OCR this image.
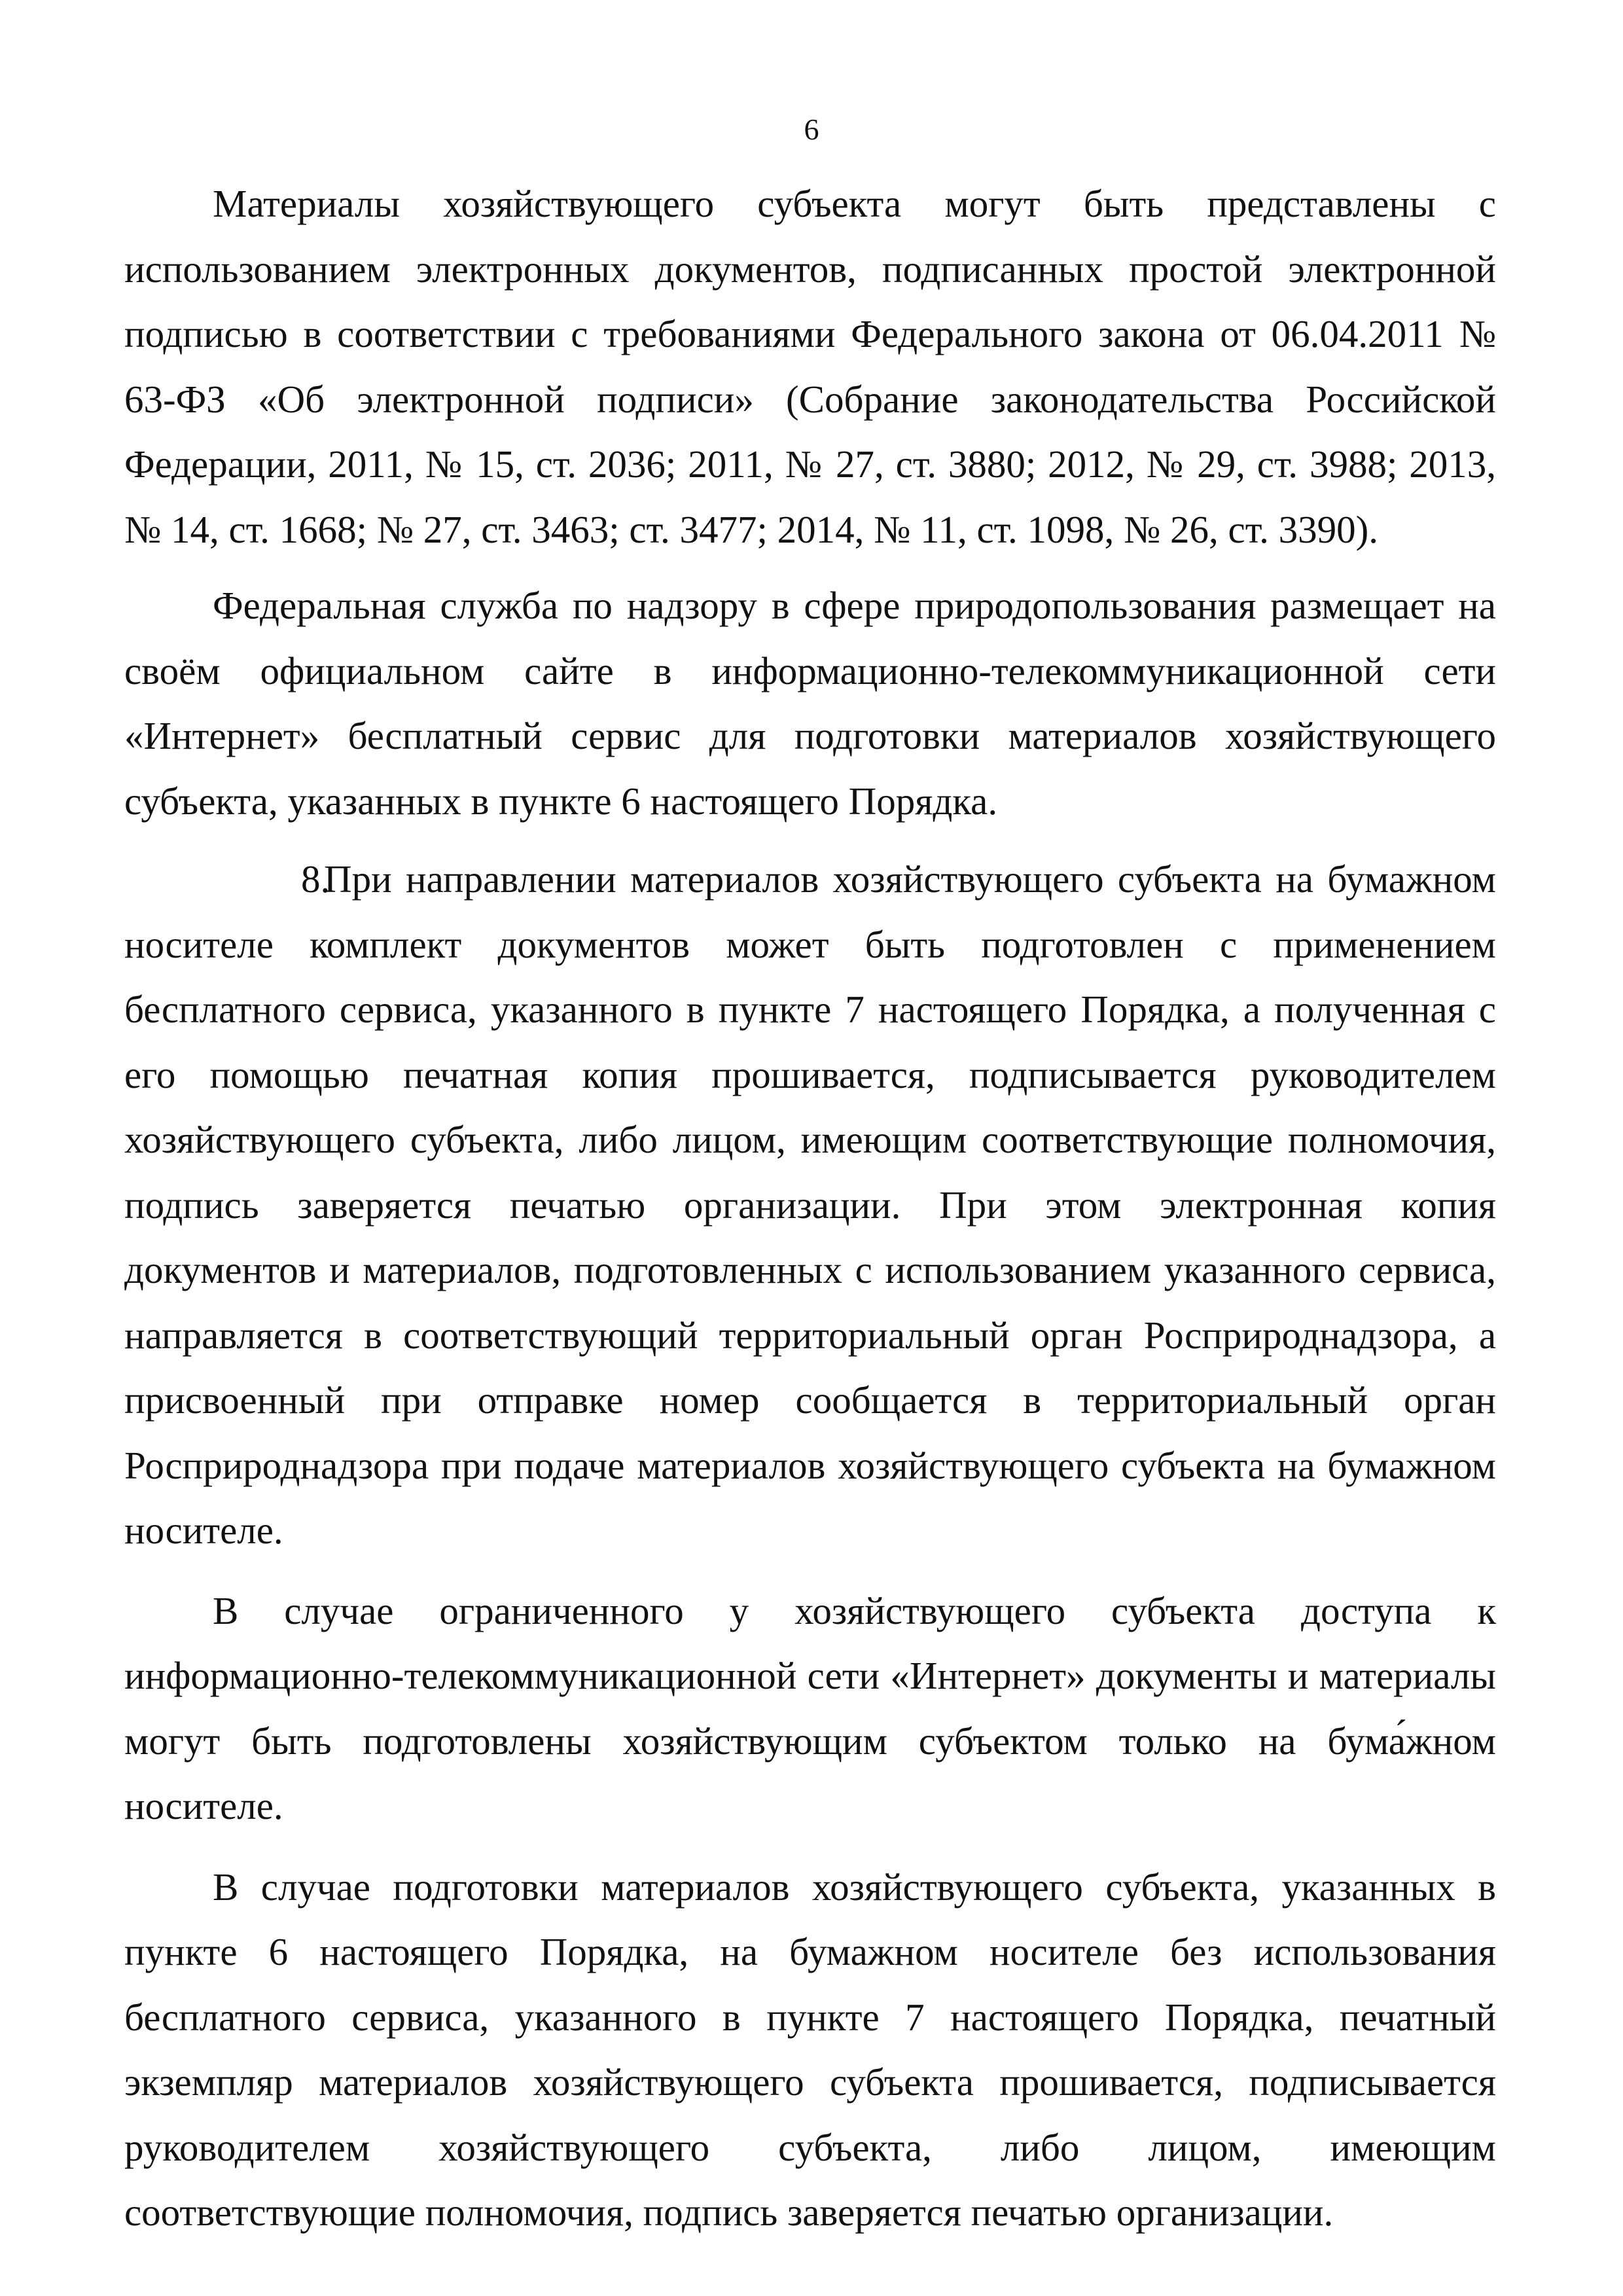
6

Материалы хозяйствующего субъекта могут быть представлены с использованием электронных документов, подписанных простой электронной подписью в соответствии с требованиями Федерального закона от 06.04.2011 № 63-ФЗ «Об электронной подписи» (Собрание законодательства Российской Федерации, 2011, № 15, ст. 2036; 2011, № 27, ст. 3880; 2012, № 29, ст. 3988; 2013, № 14, ст. 1668; № 27, ст. 3463; ст. 3477; 2014, № 11, ст. 1098, № 26, ст. 3390).

Федеральная служба по надзору в сфере природопользования размещает на своём официальном сайте в информационно-телекоммуникационной сети «Интернет» бесплатный сервис для подготовки материалов хозяйствующего субъекта, указанных в пункте 6 настоящего Порядка.

8.При направлении материалов хозяйствующего субъекта на бумажном носителе комплект документов может быть подготовлен с применением бесплатного сервиса, указанного в пункте 7 настоящего Порядка, а полученная с его помощью печатная копия прошивается, подписывается руководителем хозяйствующего субъекта, либо лицом, имеющим соответствующие полномочия, подпись заверяется печатью организации. При этом электронная копия документов и материалов, подготовленных с использованием указанного сервиса, направляется в соответствующий территориальный орган Росприроднадзора, а присвоенный при отправке номер сообщается в территориальный орган Росприроднадзора при подаче материалов хозяйствующего субъекта на бумажном носителе.

В случае ограниченного у хозяйствующего субъекта доступа к информационно-телекоммуникационной сети «Интернет» документы и материалы могут быть подготовлены хозяйствующим субъектом только на бума́жном носителе.

В случае подготовки материалов хозяйствующего субъекта, указанных в пункте 6 настоящего Порядка, на бумажном носителе без использования бесплатного сервиса, указанного в пункте 7 настоящего Порядка, печатный экземпляр материалов хозяйствующего субъекта прошивается, подписывается руководителем хозяйствующего субъекта, либо лицом, имеющим соответствующие полномочия, подпись заверяется печатью организации.
